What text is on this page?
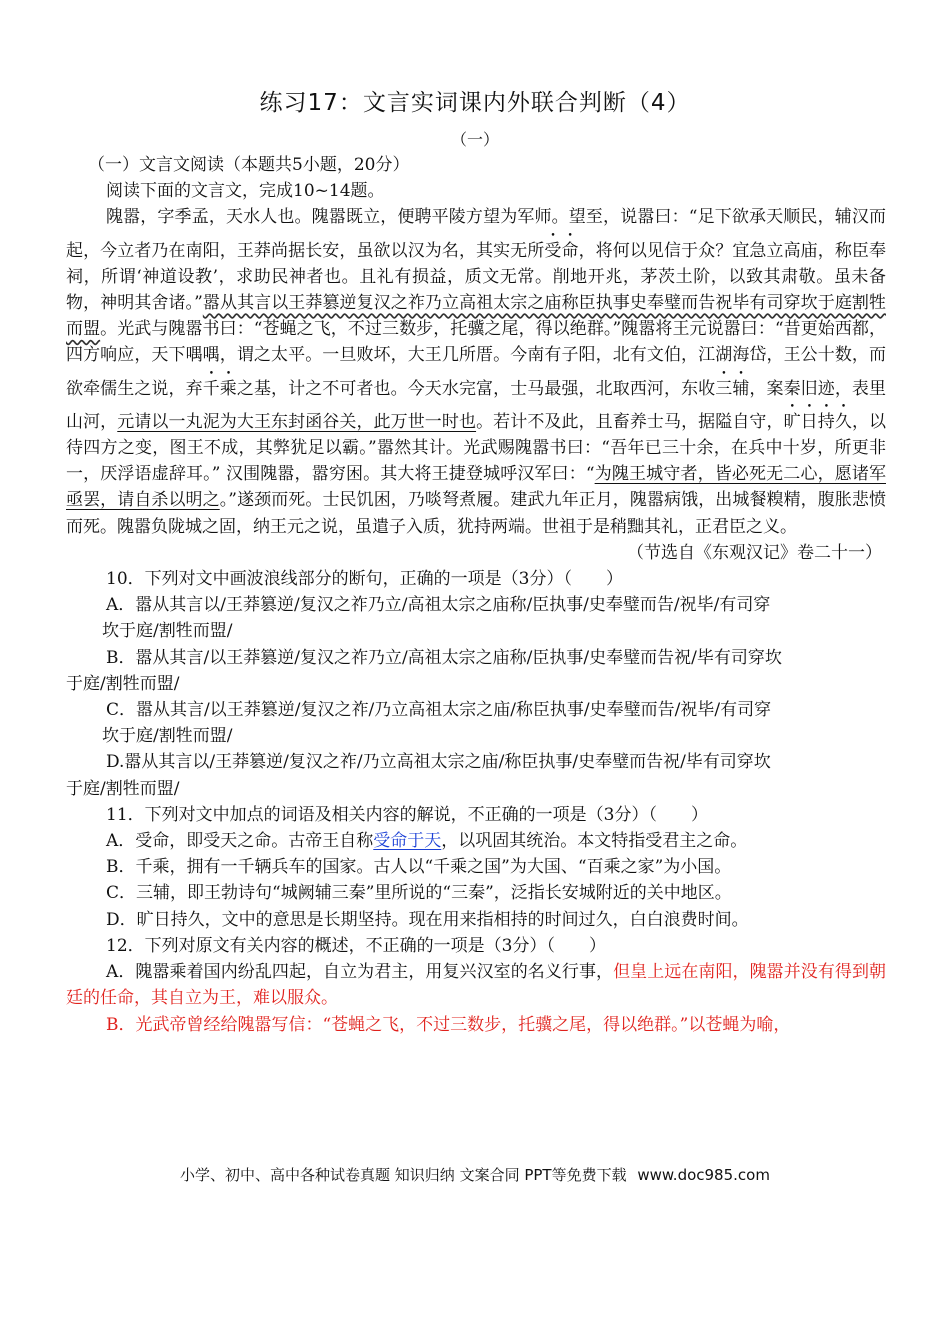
练习17：文言实词课内外联合判断（4）
（一）

（一）文言文阅读（本题共5小题，20分）

阅读下面的文言文，完成10~14题。

隗嚣，字季孟，天水人也。隗嚣既立，便聘平陵方望为军师。望至，说嚣曰：“足下欲承天顺民，辅汉而起，今立者乃在南阳，王莽尚据长安，虽欲以汉为名，其实无所受命，将何以见信于众？宜急立高庙，称臣奉祠，所谓‘神道设教’，求助民神者也。且礼有损益，质文无常。削地开兆，茅茨土阶，以致其肃敬。虽未备物，神明其舍诸。”嚣从其言以王莽篡逆复汉之祚乃立高祖太宗之庙称臣执事史奉璧而告祝毕有司穿坎于庭割牲而盟。光武与隗嚣书曰：“苍蝇之飞，不过三数步，托骥之尾，得以绝群。”隗嚣将王元说嚣曰：“昔更始西都，四方响应，天下喁喁，谓之太平。一旦败坏，大王几所厝。今南有子阳，北有文伯，江湖海岱，王公十数，而欲牵儒生之说，弃千乘之基，计之不可者也。今天水完富，士马最强，北取西河，东收三辅，案秦旧迹，表里山河，元请以一丸泥为大王东封函谷关，此万世一时也。若计不及此，且畜养士马，据隘自守，旷日持久，以待四方之变，图王不成，其弊犹足以霸。”嚣然其计。光武赐隗嚣书曰：“吾年已三十余，在兵中十岁，所更非一，厌浮语虚辞耳。” 汉围隗嚣，嚣穷困。其大将王捷登城呼汉军曰：“为隗王城守者，皆必死无二心，愿诸军亟罢，请自杀以明之。”遂颈而死。士民饥困，乃啖弩煮履。建武九年正月，隗嚣病饿，出城餐糗精，腹胀悲愤而死。隗嚣负陇城之固，纳王元之说，虽遣子入质，犹持两端。世祖于是稍黜其礼，正君臣之义。

（节选自《东观汉记》卷二十一）

10．下列对文中画波浪线部分的断句，正确的一项是（3分）（　　）

A．嚣从其言以/王莽篡逆/复汉之祚乃立/高祖太宗之庙称/臣执事/史奉璧而告/祝毕/有司穿

坎于庭/割牲而盟/

B．嚣从其言/以王莽篡逆/复汉之祚乃立/高祖太宗之庙称/臣执事/史奉璧而告祝/毕有司穿坎

于庭/割牲而盟/

C．嚣从其言/以王莽篡逆/复汉之祚/乃立高祖太宗之庙/称臣执事/史奉璧而告/祝毕/有司穿

坎于庭/割牲而盟/

D.嚣从其言以/王莽篡逆/复汉之祚/乃立高祖太宗之庙/称臣执事/史奉璧而告祝/毕有司穿坎

于庭/割牲而盟/

11．下列对文中加点的词语及相关内容的解说，不正确的一项是（3分）（　　）

A．受命，即受天之命。古帝王自称受命于天，以巩固其统治。本文特指受君主之命。

B．千乘，拥有一千辆兵车的国家。古人以“千乘之国”为大国、“百乘之家”为小国。

C．三辅，即王勃诗句“城阙辅三秦”里所说的“三秦”，泛指长安城附近的关中地区。

D．旷日持久，文中的意思是长期坚持。现在用来指相持的时间过久，白白浪费时间。

12．下列对原文有关内容的概述，不正确的一项是（3分）（　　）

A．隗嚣乘着国内纷乱四起，自立为君主，用复兴汉室的名义行事，但皇上远在南阳，隗嚣并没有得到朝廷的任命，其自立为王，难以服众。

B．光武帝曾经给隗嚣写信：“苍蝇之飞，不过三数步，托骥之尾，得以绝群。”以苍蝇为喻，

小学、初中、高中各种试卷真题 知识归纳 文案合同 PPT等免费下载 www.doc985.com
